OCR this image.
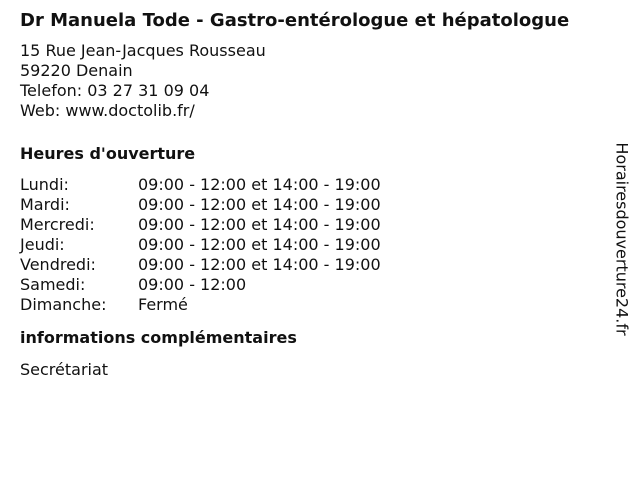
Dr Manuela Tode - Gastro-entérologue et hépatologue
15 Rue Jean-Jacques Rousseau
59220 Denain
Telefon: 03 27 31 09 04
Web: www.doctolib.fr/
Heures d'ouverture
Lundi:	09:00 - 12:00 et 14:00 - 19:00
Mardi:	09:00 - 12:00 et 14:00 - 19:00
Mercredi:	09:00 - 12:00 et 14:00 - 19:00
Jeudi:	09:00 - 12:00 et 14:00 - 19:00
Vendredi:	09:00 - 12:00 et 14:00 - 19:00
Samedi:	09:00 - 12:00
Dimanche:	Fermé
informations complémentaires
Secrétariat
Horairesdouverture24.fr
